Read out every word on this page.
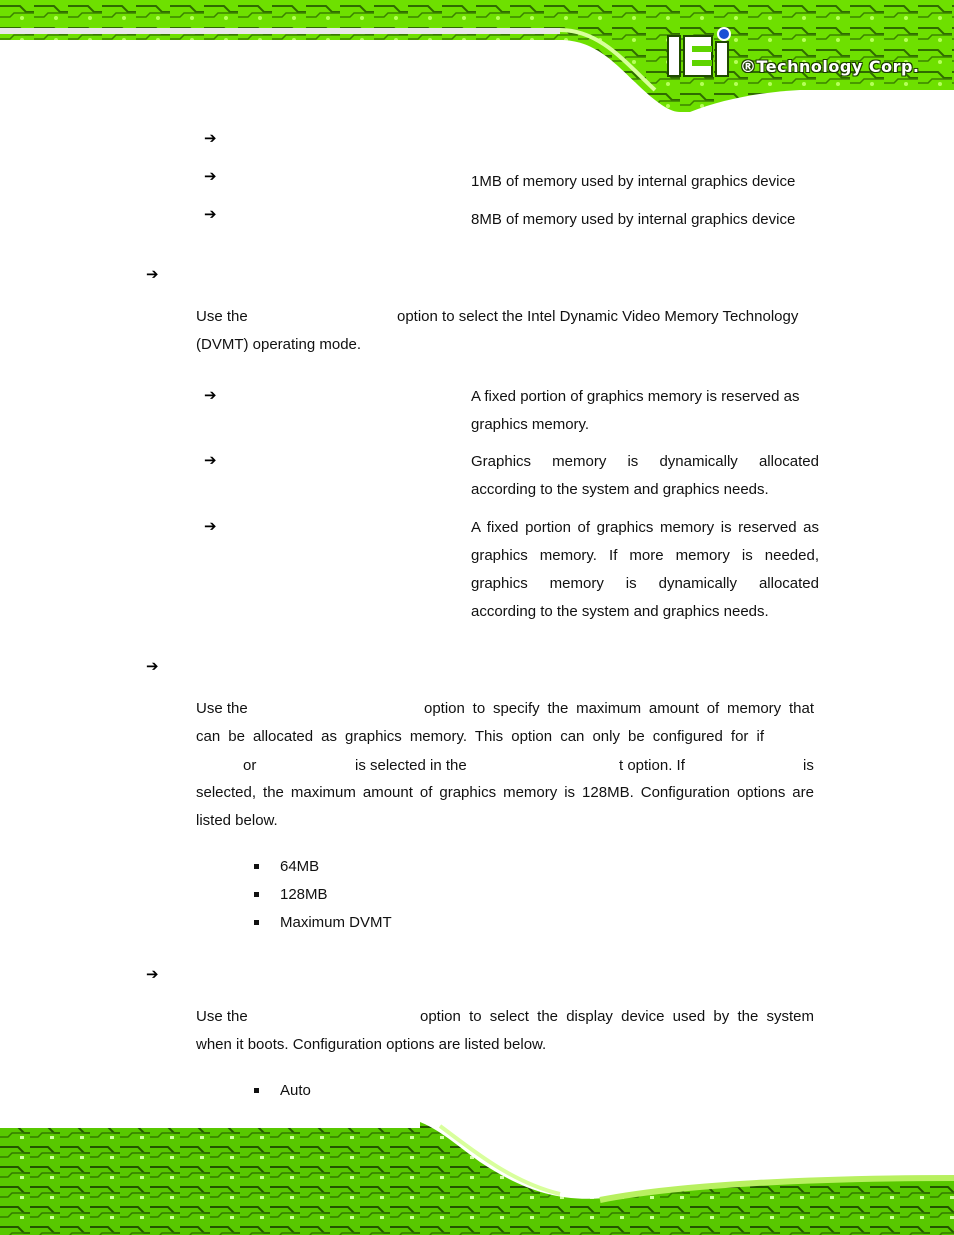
®Technology Corp.
➔
➔	1MB of memory used by internal graphics device
➔	8MB of memory used by internal graphics device
➔
Use the	option to select the Intel Dynamic Video Memory Technology
(DVMT) operating mode.
➔	A fixed portion of graphics memory is reserved as
graphics memory.
➔	Graphics memory is dynamically allocated
according to the system and graphics needs.
➔	A fixed portion of graphics memory is reserved as
graphics memory. If more memory is needed,
graphics memory is dynamically allocated
according to the system and graphics needs.
➔
Use the	option to specify the maximum amount of memory that
can be allocated as graphics memory. This option can only be configured for if
or	is selected in the	t option. If	is
selected, the maximum amount of graphics memory is 128MB. Configuration options are
listed below.
64MB
128MB
Maximum DVMT
➔
Use the	option to select the display device used by the system
when it boots. Configuration options are listed below.
Auto
